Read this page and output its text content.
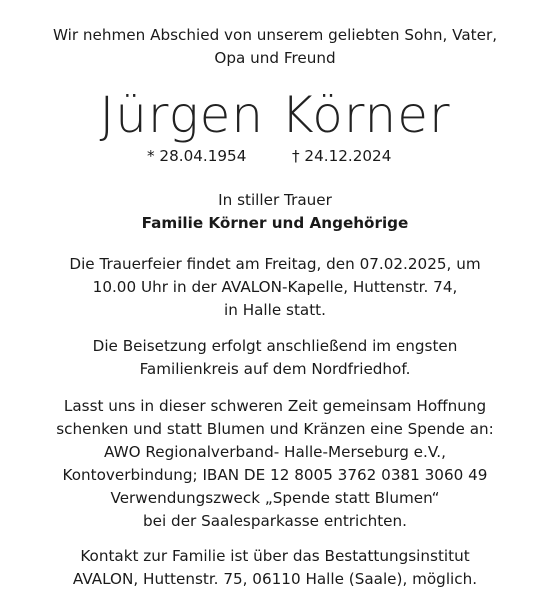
Wir nehmen Abschied von unserem geliebten Sohn, Vater,
Opa und Freund
Jürgen Körner
* 28.04.1954	† 24.12.2024
In stiller Trauer
Familie Körner und Angehörige
Die Trauerfeier findet am Freitag, den 07.02.2025, um
10.00 Uhr in der AVALON-Kapelle, Huttenstr. 74,
in Halle statt.
Die Beisetzung erfolgt anschließend im engsten
Familienkreis auf dem Nordfriedhof.
Lasst uns in dieser schweren Zeit gemeinsam Hoffnung
schenken und statt Blumen und Kränzen eine Spende an:
AWO Regionalverband- Halle-Merseburg e.V.,
Kontoverbindung; IBAN DE 12 8005 3762 0381 3060 49
Verwendungszweck „Spende statt Blumen“
bei der Saalesparkasse entrichten.
Kontakt zur Familie ist über das Bestattungsinstitut
AVALON, Huttenstr. 75, 06110 Halle (Saale), möglich.
